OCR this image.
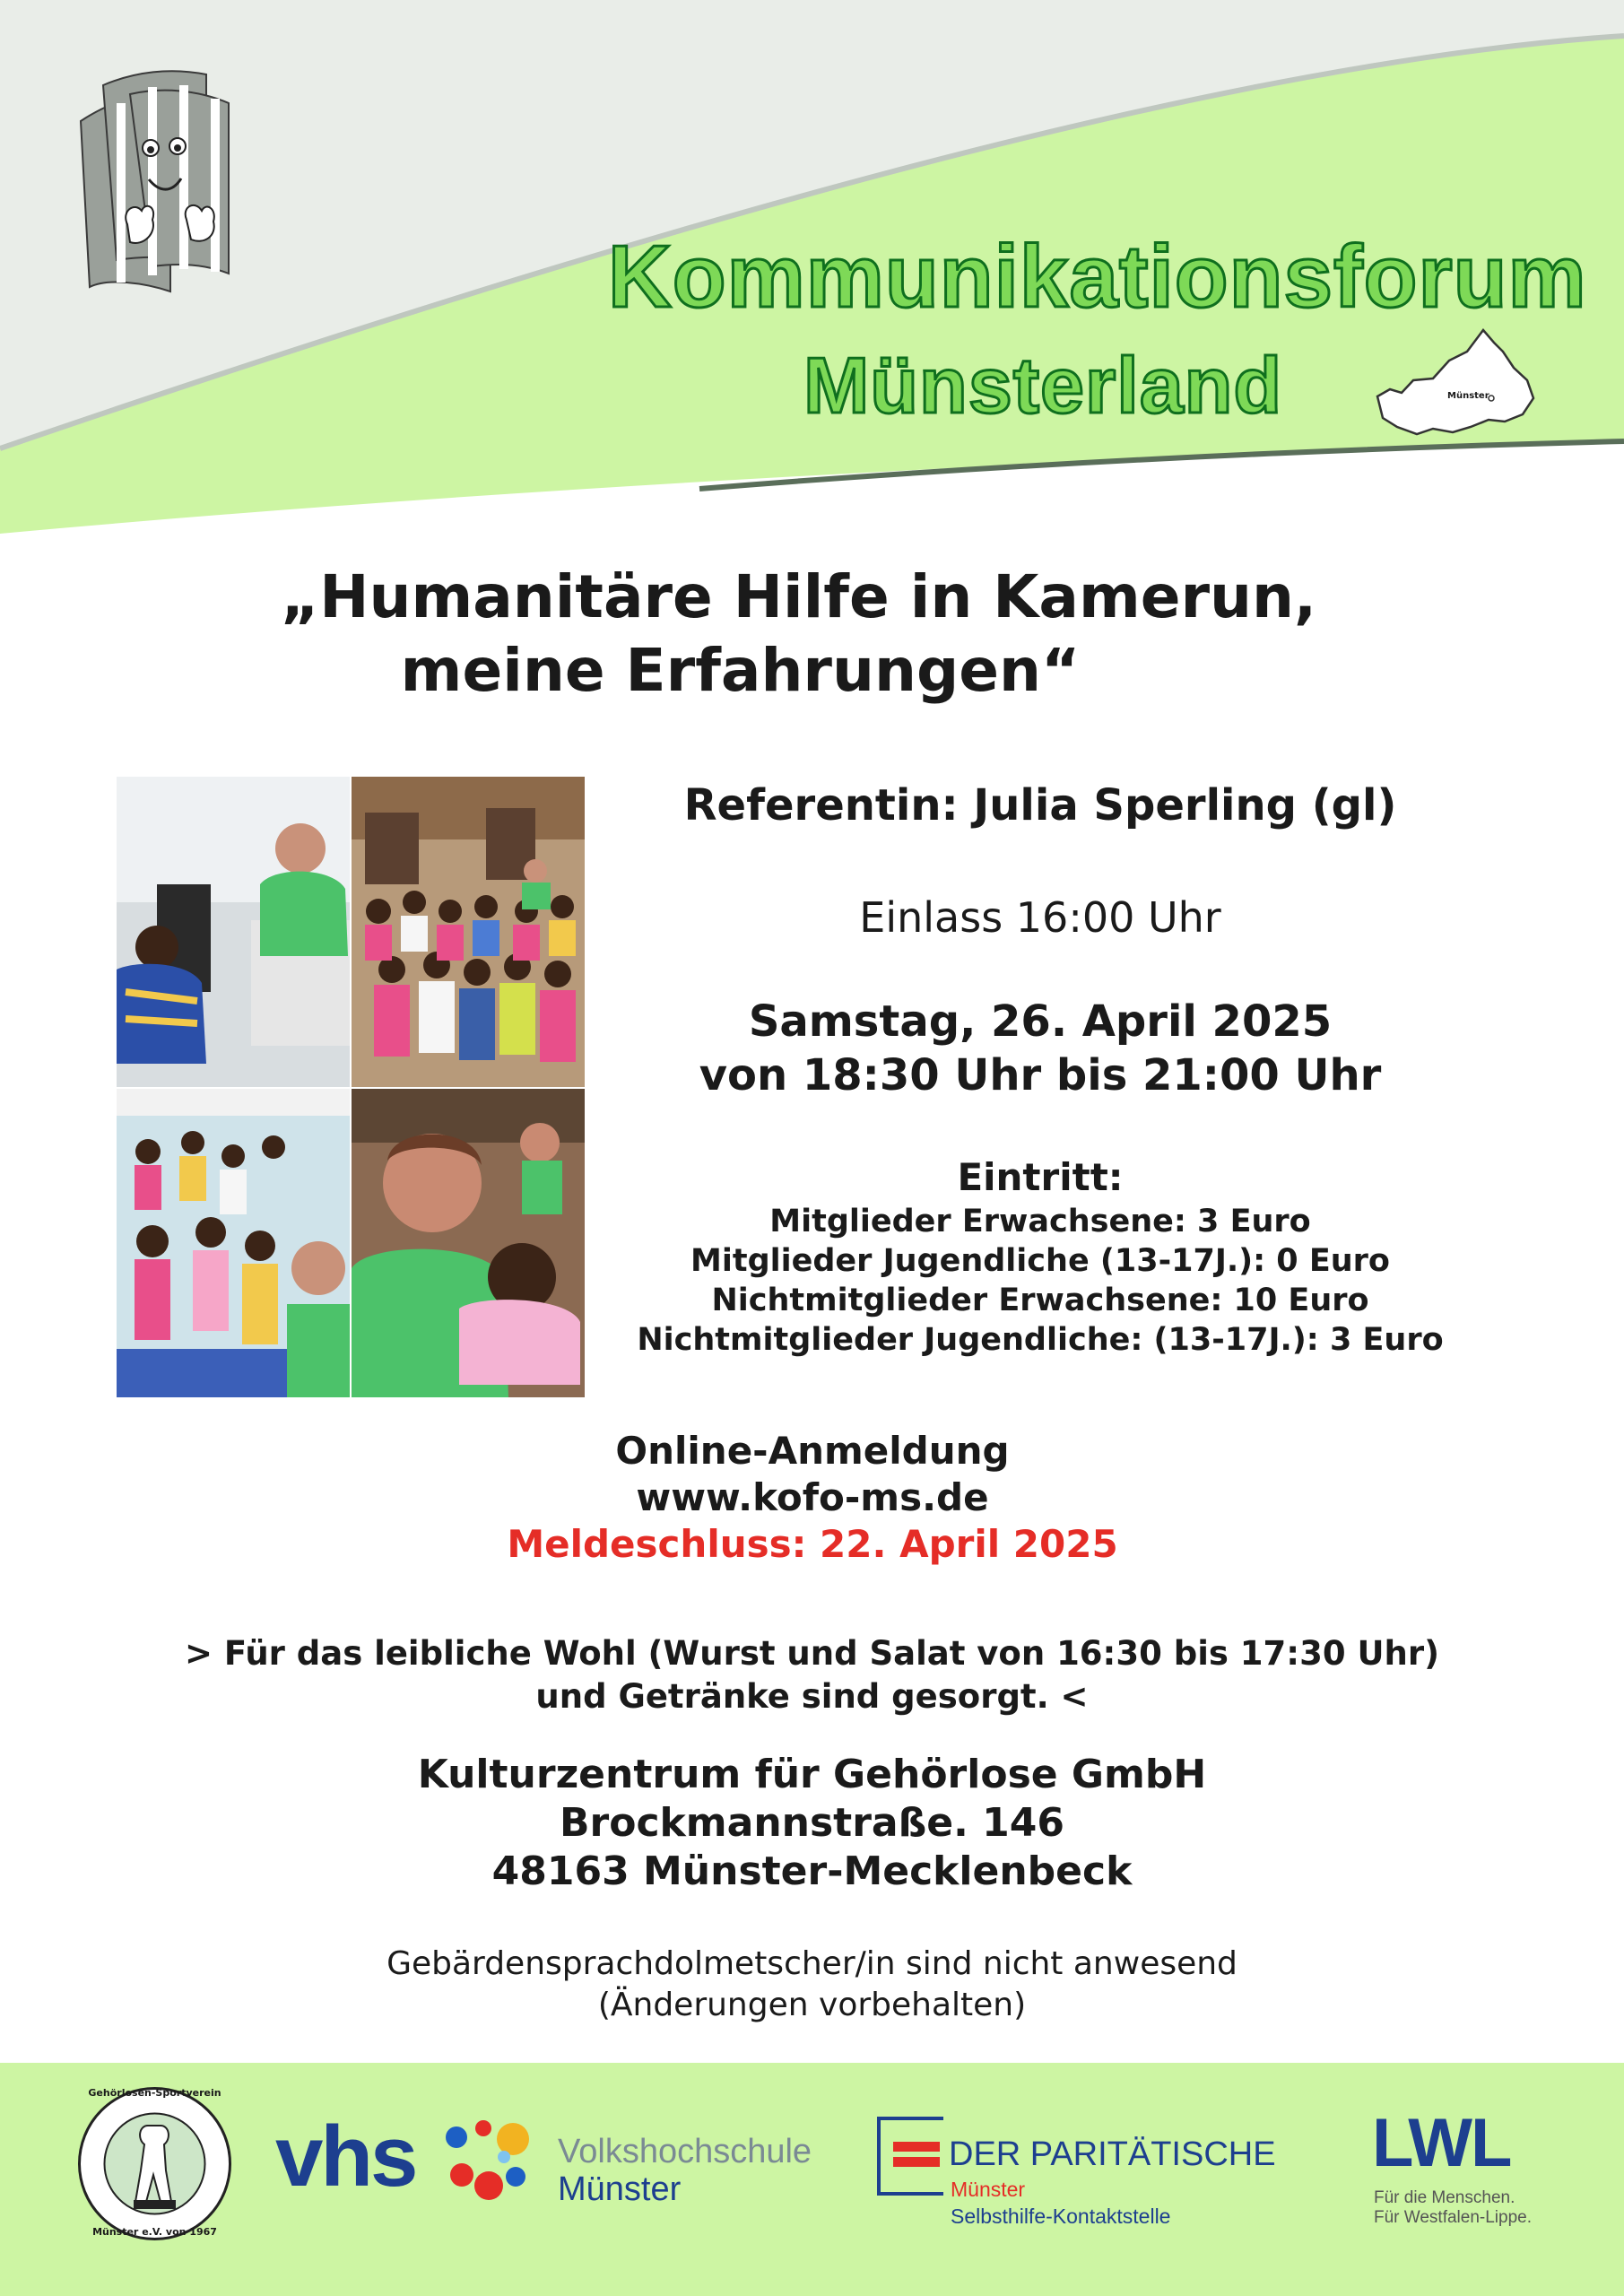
Kommunikationsforum
Münsterland	Münster
„Humanitäre Hilfe in Kamerun,
meine Erfahrungen“
Referentin: Julia Sperling (gl)
Einlass 16:00 Uhr
Samstag, 26. April 2025
von 18:30 Uhr bis 21:00 Uhr
Eintritt:
Mitglieder Erwachsene: 3 Euro
Mitglieder Jugendliche (13-17J.): 0 Euro
Nichtmitglieder Erwachsene: 10 Euro
Nichtmitglieder Jugendliche: (13-17J.): 3 Euro
Online-Anmeldung
www.kofo-ms.de
Meldeschluss: 22. April 2025
> Für das leibliche Wohl (Wurst und Salat von 16:30 bis 17:30 Uhr)
und Getränke sind gesorgt. <
Kulturzentrum für Gehörlose GmbH
Brockmannstraße. 146
48163 Münster-Mecklenbeck
Gebärdensprachdolmetscher/in sind nicht anwesend
(Änderungen vorbehalten)
Gehörlosen-Sportverein
Münster e.V. von 1967
vhs	Volkshochschule
Münster
DER PARITÄTISCHE
Münster
Selbsthilfe-Kontaktstelle
LWL
Für die Menschen.
Für Westfalen-Lippe.
